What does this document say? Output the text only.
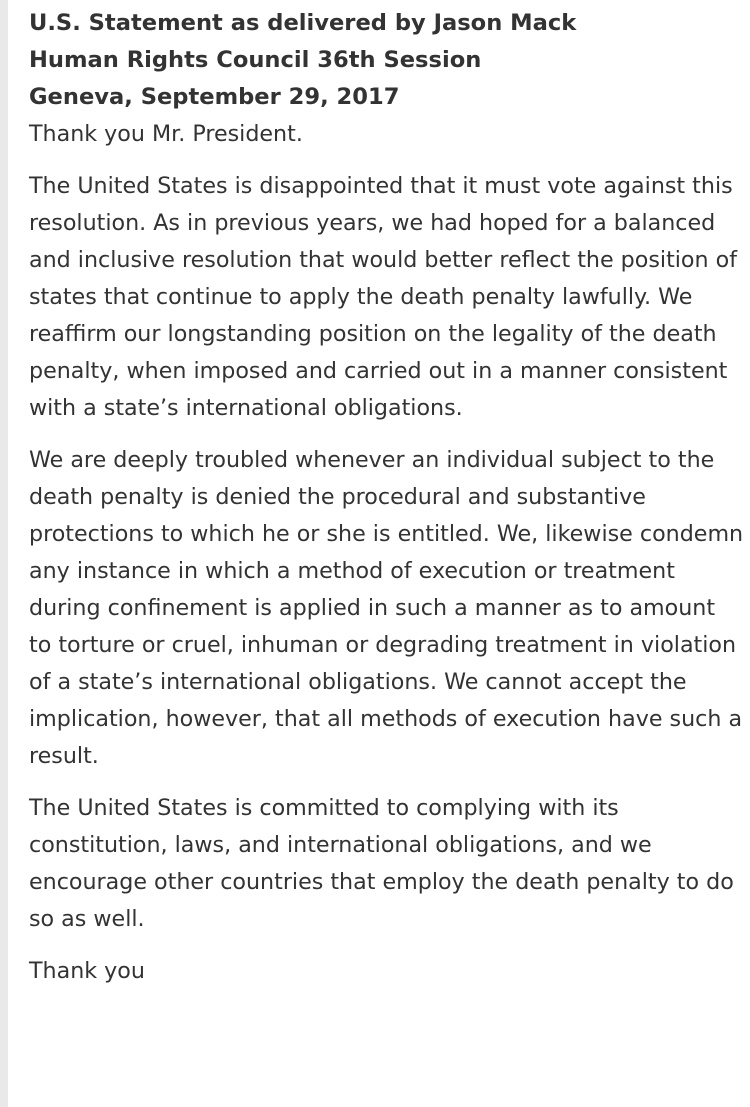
U.S. Statement as delivered by Jason Mack

Human Rights Council 36th Session
Geneva, September 29, 2017

Thank you Mr. President.

The United States is disappointed that it must vote against this resolution. As in previous years, we had hoped for a balanced and inclusive resolution that would better reflect the position of states that continue to apply the death penalty lawfully. We reaffirm our longstanding position on the legality of the death penalty, when imposed and carried out in a manner consistent with a state’s international obligations.

We are deeply troubled whenever an individual subject to the death penalty is denied the procedural and substantive protections to which he or she is entitled. We, likewise condemn any instance in which a method of execution or treatment during confinement is applied in such a manner as to amount to torture or cruel, inhuman or degrading treatment in violation of a state’s international obligations. We cannot accept the implication, however, that all methods of execution have such a result.

The United States is committed to complying with its constitution, laws, and international obligations, and we encourage other countries that employ the death penalty to do so as well.

Thank you
